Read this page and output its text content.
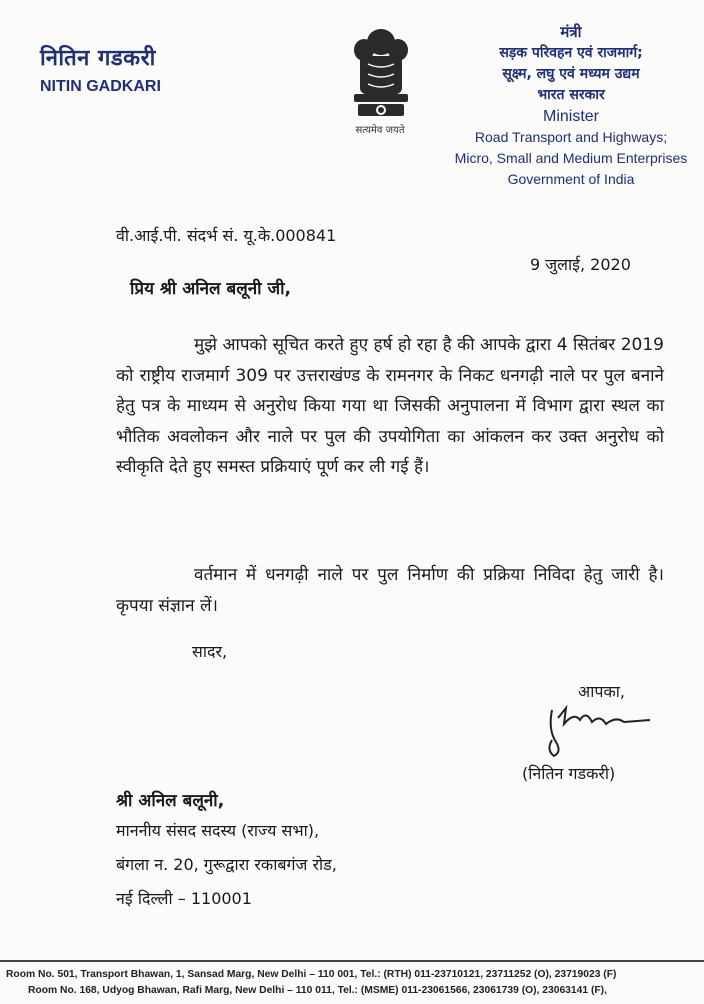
नितिन गडकरी
NITIN GADKARI
सत्यमेव जयते
मंत्री
सड़क परिवहन एवं राजमार्ग;
सूक्ष्म, लघु एवं मध्यम उद्यम
भारत सरकार
Minister
Road Transport and Highways;
Micro, Small and Medium Enterprises
Government of India
वी.आई.पी. संदर्भ सं. यू.के.000841
9 जुलाई, 2020
प्रिय श्री अनिल बलूनी जी,
मुझे आपको सूचित करते हुए हर्ष हो रहा है की आपके द्वारा 4 सितंबर 2019 को राष्ट्रीय राजमार्ग 309 पर उत्तराखंण्ड के रामनगर के निकट धनगढ़ी नाले पर पुल बनाने हेतु पत्र के माध्यम से अनुरोध किया गया था जिसकी अनुपालना में विभाग द्वारा स्थल का भौतिक अवलोकन और नाले पर पुल की उपयोगिता का आंकलन कर उक्त अनुरोध को स्वीकृति देते हुए समस्त प्रक्रियाएं पूर्ण कर ली गई हैं।
वर्तमान में धनगढ़ी नाले पर पुल निर्माण की प्रक्रिया निविदा हेतु जारी है। कृपया संज्ञान लें।
सादर,
आपका,
(नितिन गडकरी)
श्री अनिल बलूनी,
माननीय संसद सदस्य (राज्य सभा),
बंगला न. 20, गुरूद्वारा रकाबगंज रोड,
नई दिल्ली – 110001
Room No. 501, Transport Bhawan, 1, Sansad Marg, New Delhi – 110 001, Tel.: (RTH) 011-23710121, 23711252 (O), 23719023 (F)
Room No. 168, Udyog Bhawan, Rafi Marg, New Delhi – 110 011, Tel.: (MSME) 011-23061566, 23061739 (O), 23063141 (F),
